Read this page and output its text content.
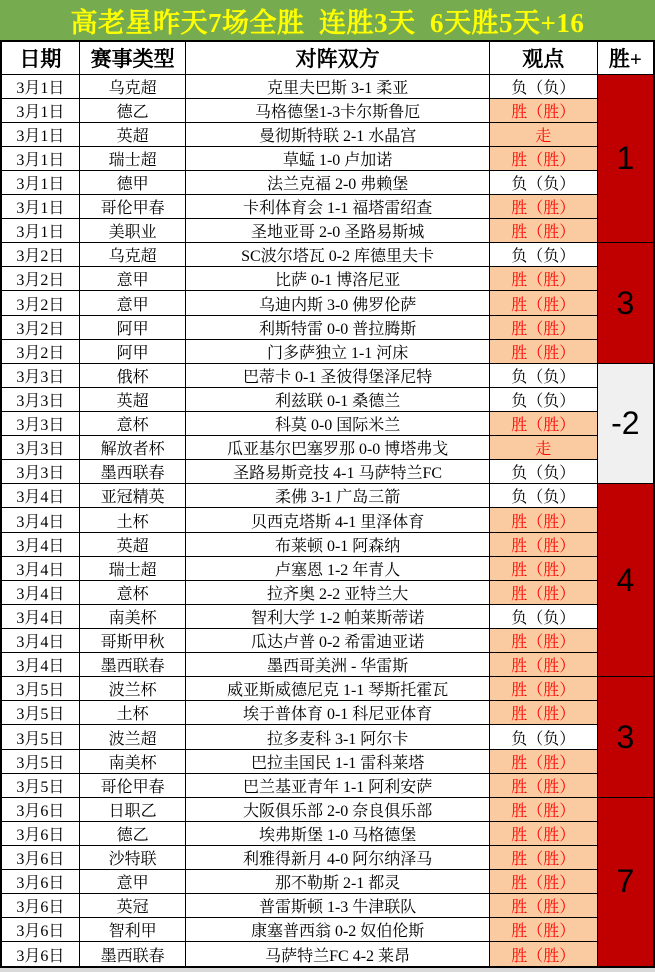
高老星昨天7场全胜  连胜3天  6天胜5天+16
日期	赛事类型	对阵双方	观点	胜+
3月1日	乌克超	克里夫巴斯 3-1 柔亚	负（负）	1
3月1日	德乙	马格德堡1-3卡尔斯鲁厄	胜（胜）	
3月1日	英超	曼彻斯特联 2-1 水晶宫	走	
3月1日	瑞士超	草蜢 1-0 卢加诺	胜（胜）	
3月1日	德甲	法兰克福 2-0 弗赖堡	负（负）	
3月1日	哥伦甲春	卡利体育会 1-1 福塔雷绍查	胜（胜）	
3月1日	美职业	圣地亚哥 2-0 圣路易斯城	胜（胜）	
3月2日	乌克超	SC波尔塔瓦 0-2 库德里夫卡	负（负）	3
3月2日	意甲	比萨 0-1 博洛尼亚	胜（胜）	
3月2日	意甲	乌迪内斯 3-0 佛罗伦萨	胜（胜）	
3月2日	阿甲	利斯特雷 0-0 普拉腾斯	胜（胜）	
3月2日	阿甲	门多萨独立 1-1 河床	胜（胜）	
3月3日	俄杯	巴蒂卡 0-1 圣彼得堡泽尼特	负（负）	-2
3月3日	英超	利兹联 0-1 桑德兰	负（负）	
3月3日	意杯	科莫 0-0 国际米兰	胜（胜）	
3月3日	解放者杯	瓜亚基尔巴塞罗那 0-0 博塔弗戈	走	
3月3日	墨西联春	圣路易斯竞技 4-1 马萨特兰FC	负（负）	
3月4日	亚冠精英	柔佛 3-1 广岛三箭	负（负）	4
3月4日	土杯	贝西克塔斯 4-1 里泽体育	胜（胜）	
3月4日	英超	布莱顿 0-1 阿森纳	胜（胜）	
3月4日	瑞士超	卢塞恩 1-2 年青人	胜（胜）	
3月4日	意杯	拉齐奥 2-2 亚特兰大	胜（胜）	
3月4日	南美杯	智利大学 1-2 帕莱斯蒂诺	负（负）	
3月4日	哥斯甲秋	瓜达卢普 0-2 希雷迪亚诺	胜（胜）	
3月4日	墨西联春	墨西哥美洲 - 华雷斯	胜（胜）	
3月5日	波兰杯	威亚斯威德尼克 1-1 琴斯托霍瓦	胜（胜）	3
3月5日	土杯	埃于普体育 0-1 科尼亚体育	胜（胜）	
3月5日	波兰超	拉多麦科 3-1 阿尔卡	负（负）	
3月5日	南美杯	巴拉圭国民 1-1 雷科莱塔	胜（胜）	
3月5日	哥伦甲春	巴兰基亚青年 1-1 阿利安萨	胜（胜）	
3月6日	日职乙	大阪俱乐部 2-0 奈良俱乐部	胜（胜）	7
3月6日	德乙	埃弗斯堡 1-0 马格德堡	胜（胜）	
3月6日	沙特联	利雅得新月 4-0 阿尔纳泽马	胜（胜）	
3月6日	意甲	那不勒斯 2-1 都灵	胜（胜）	
3月6日	英冠	普雷斯顿 1-3 牛津联队	胜（胜）	
3月6日	智利甲	康塞普西翁 0-2 奴伯伦斯	胜（胜）	
3月6日	墨西联春	马萨特兰FC 4-2 莱昂	胜（胜）	
